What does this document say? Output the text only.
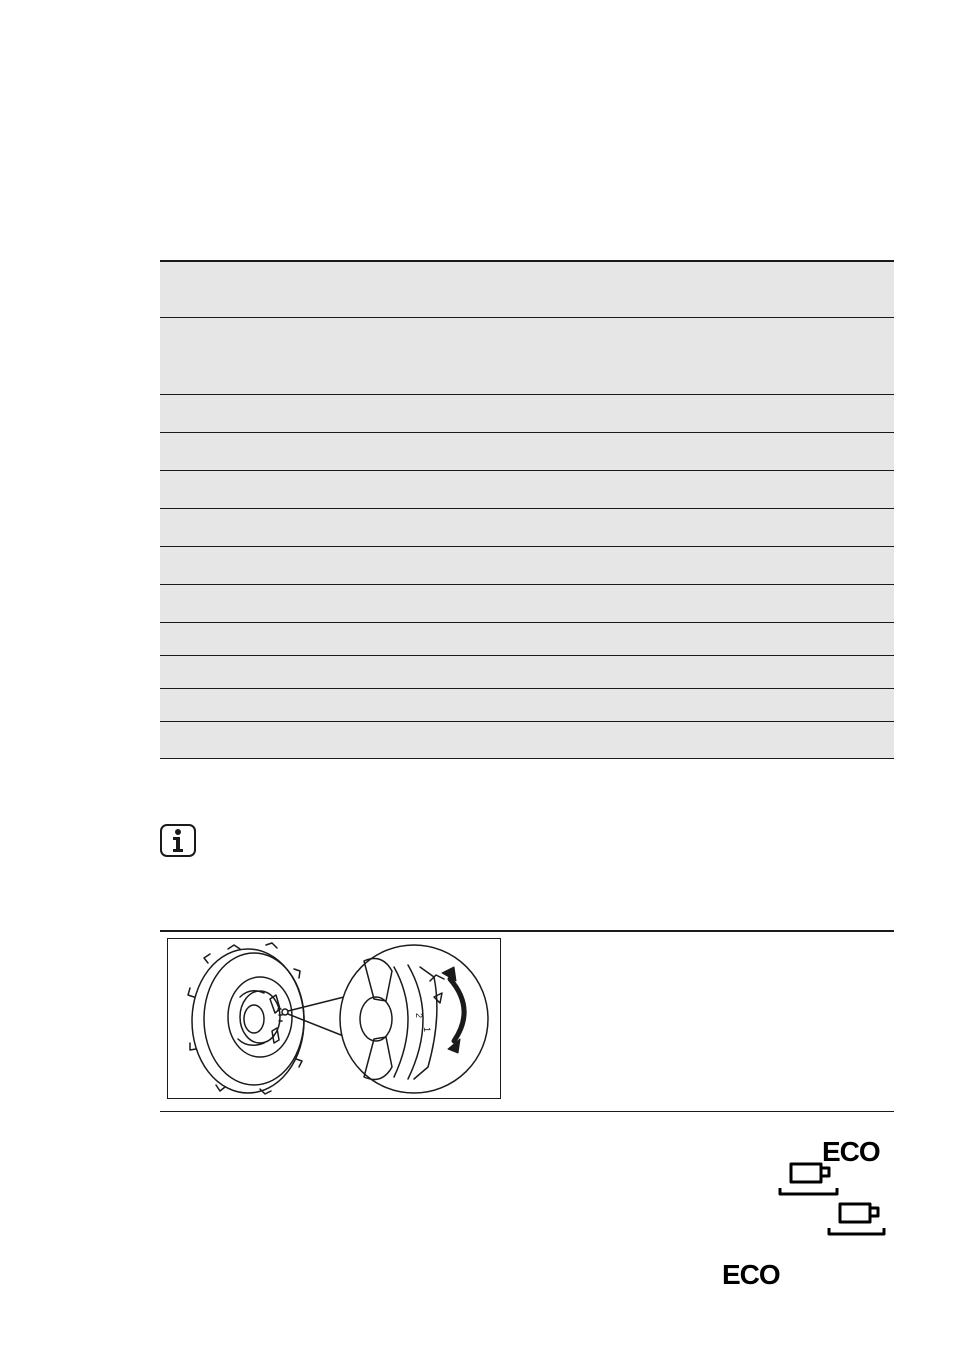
2
1
ECO
ECO
